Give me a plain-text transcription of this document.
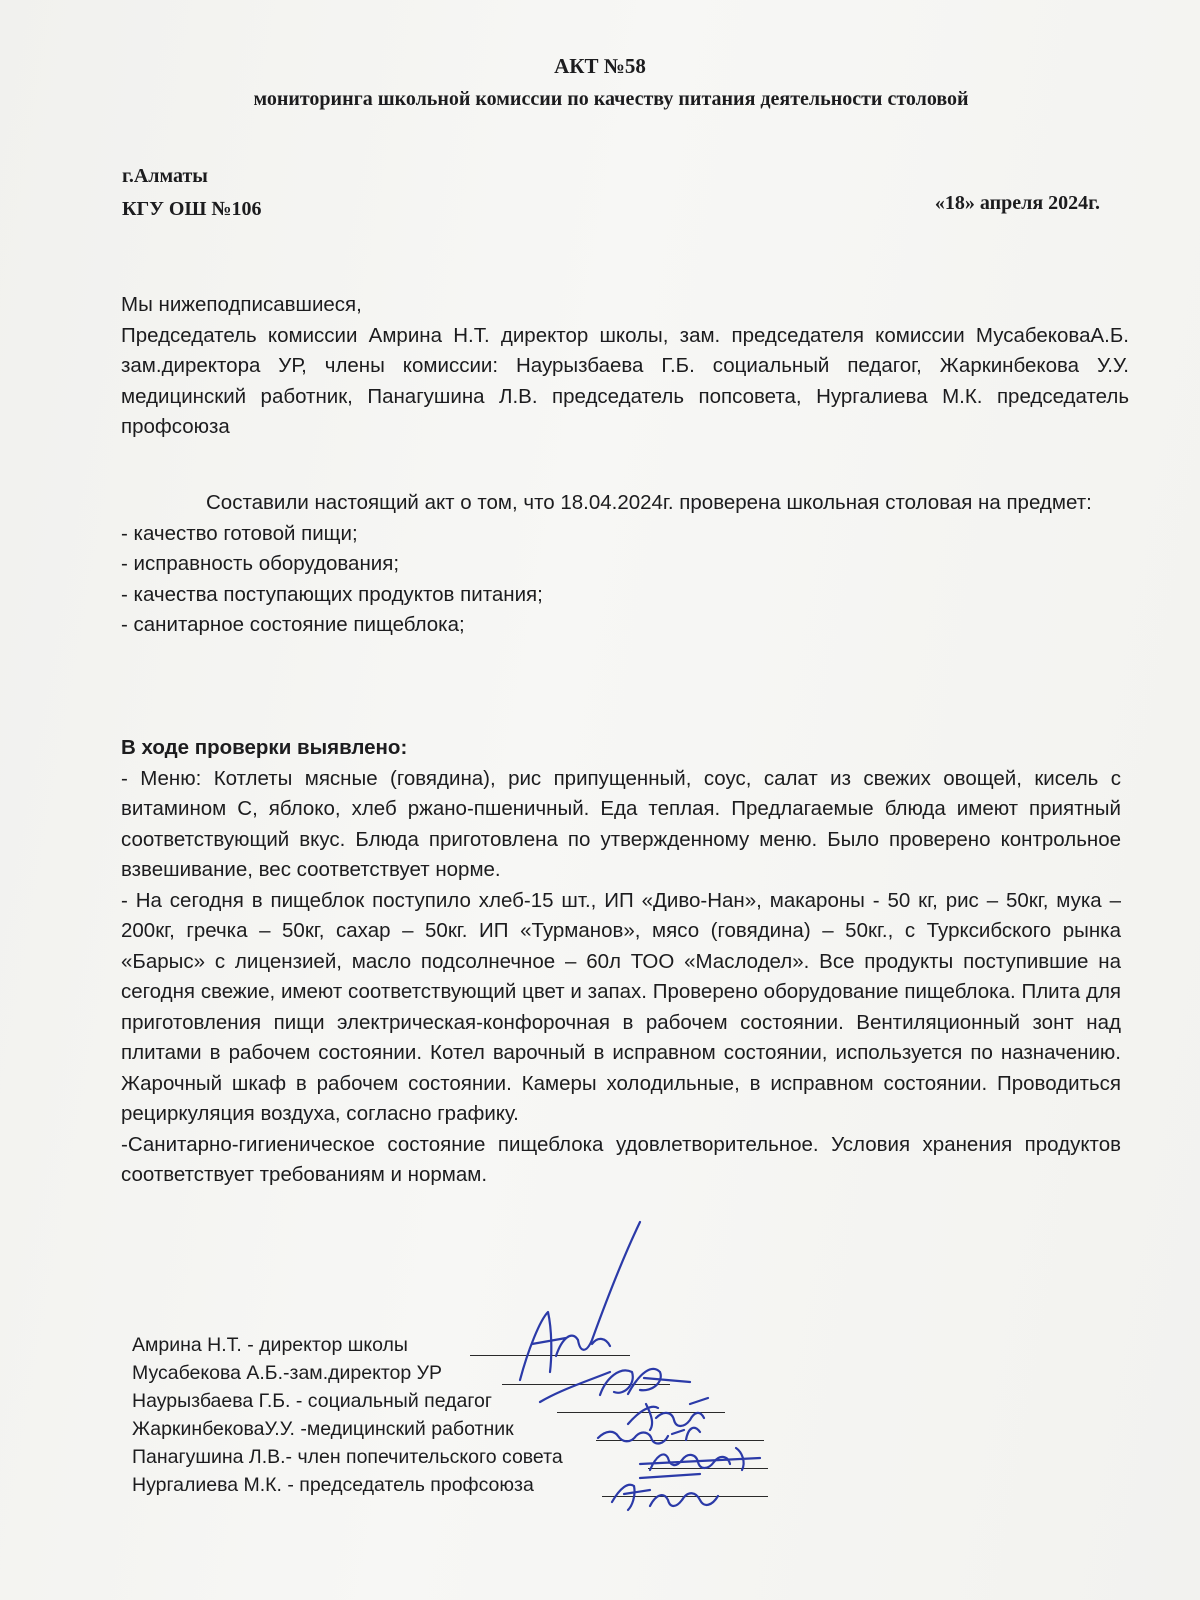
АКТ №58
мониторинга школьной комиссии по качеству питания деятельности столовой
г.Алматы
КГУ ОШ №106	«18» апреля 2024г.

Мы нижеподписавшиеся,

Председатель комиссии Амрина Н.Т. директор школы, зам. председателя комиссии МусабековаА.Б. зам.директора УР, члены комиссии: Наурызбаева Г.Б. социальный педагог, Жаркинбекова У.У. медицинский работник, Панагушина Л.В. председатель попсовета, Нургалиева М.К. председатель профсоюза

Составили настоящий акт о том, что 18.04.2024г. проверена школьная столовая на предмет:

- качество готовой пищи;

- исправность оборудования;

- качества поступающих продуктов питания;

- санитарное состояние пищеблока;

В ходе проверки выявлено:

- Меню: Котлеты мясные (говядина), рис припущенный, соус, салат из свежих овощей, кисель с витамином С, яблоко, хлеб ржано-пшеничный. Еда теплая. Предлагаемые блюда имеют приятный соответствующий вкус. Блюда приготовлена по утвержденному меню. Было проверено контрольное взвешивание, вес соответствует норме.

- На сегодня в пищеблок поступило хлеб-15 шт., ИП «Диво-Нан», макароны - 50 кг, рис – 50кг, мука – 200кг, гречка – 50кг, сахар – 50кг. ИП «Турманов», мясо (говядина) – 50кг., с Турксибского рынка «Барыс» с лицензией, масло подсолнечное – 60л ТОО «Маслодел». Все продукты поступившие на сегодня свежие, имеют соответствующий цвет и запах. Проверено оборудование пищеблока. Плита для приготовления пищи электрическая-конфорочная в рабочем состоянии. Вентиляционный зонт над плитами в рабочем состоянии. Котел варочный в исправном состоянии, используется по назначению. Жарочный шкаф в рабочем состоянии. Камеры холодильные, в исправном состоянии. Проводиться рециркуляция воздуха, согласно графику.

-Санитарно-гигиеническое состояние пищеблока удовлетворительное. Условия хранения продуктов соответствует требованиям и нормам.

Амрина Н.Т. - директор школы
Мусабекова А.Б.-зам.директор УР
Наурызбаева Г.Б. - социальный педагог
ЖаркинбековаУ.У. -медицинский работник
Панагушина Л.В.- член попечительского совета
Нургалиева М.К. - председатель профсоюза
